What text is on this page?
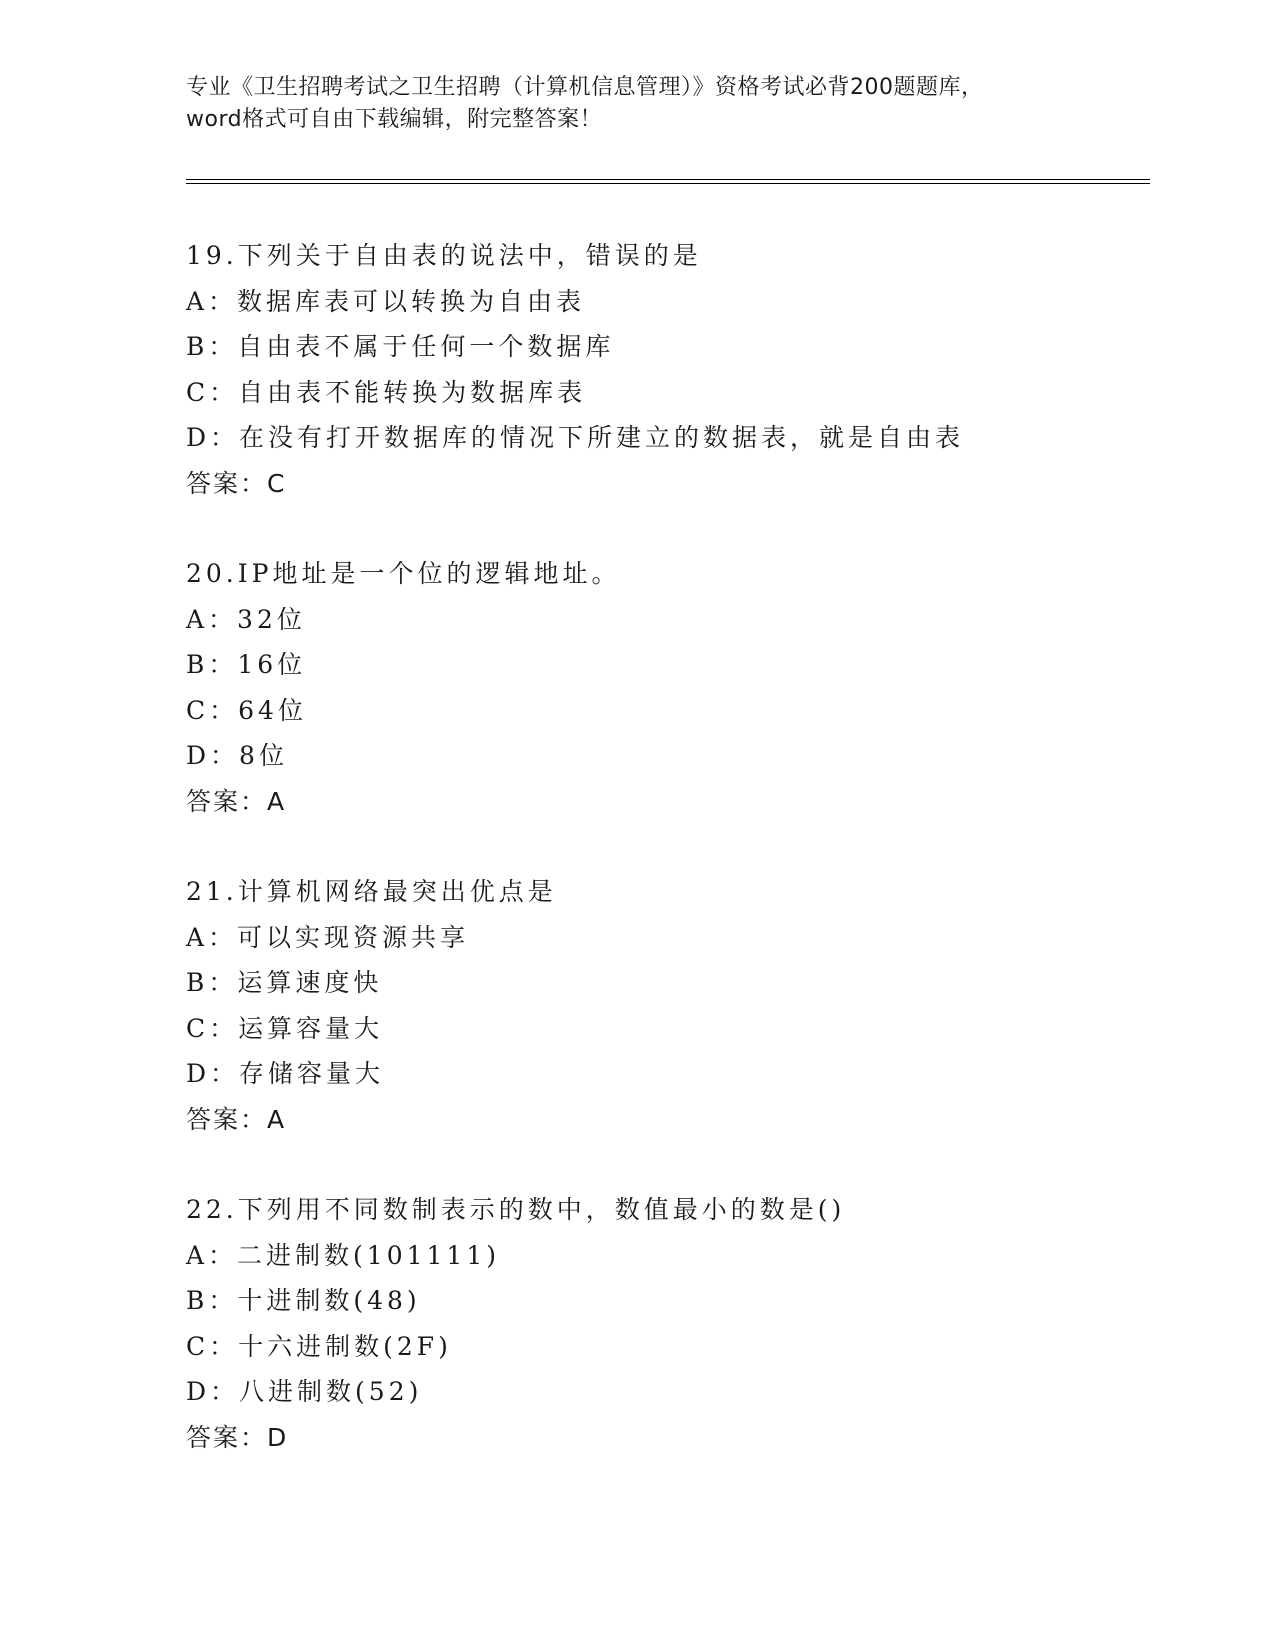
专业《卫生招聘考试之卫生招聘（计算机信息管理）》资格考试必背200题题库，
word格式可自由下载编辑，附完整答案！
19.下列关于自由表的说法中，错误的是
A：数据库表可以转换为自由表
B：自由表不属于任何一个数据库
C：自由表不能转换为数据库表
D：在没有打开数据库的情况下所建立的数据表，就是自由表
答案：C
20.IP地址是一个位的逻辑地址。
A：32位
B：16位
C：64位
D：8位
答案：A
21.计算机网络最突出优点是
A：可以实现资源共享
B：运算速度快
C：运算容量大
D：存储容量大
答案：A
22.下列用不同数制表示的数中，数值最小的数是()
A：二进制数(101111)
B：十进制数(48)
C：十六进制数(2F)
D：八进制数(52)
答案：D
